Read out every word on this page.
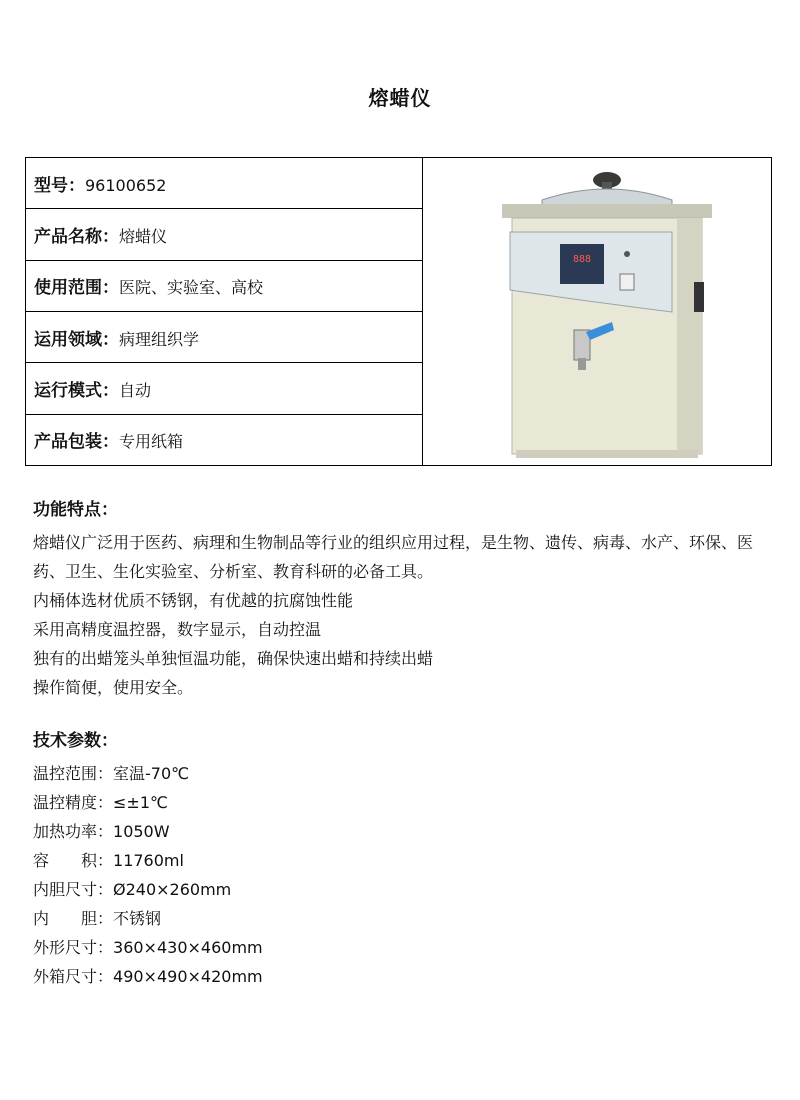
熔蜡仪
型号：96100652	
888

产品名称：熔蜡仪
使用范围：医院、实验室、高校
运用领域：病理组织学
运行模式：自动
产品包装：专用纸箱
功能特点：
熔蜡仪广泛用于医药、病理和生物制品等行业的组织应用过程，是生物、遗传、病毒、水产、环保、医药、卫生、生化实验室、分析室、教育科研的必备工具。
内桶体选材优质不锈钢，有优越的抗腐蚀性能
采用高精度温控器，数字显示，自动控温
独有的出蜡笼头单独恒温功能，确保快速出蜡和持续出蜡
操作简便，使用安全。
技术参数：
温控范围：室温-70℃
温控精度：≤±1℃
加热功率：1050W
容　　积：11760ml
内胆尺寸：Ø240×260mm
内　　胆：不锈钢
外形尺寸：360×430×460mm
外箱尺寸：490×490×420mm
